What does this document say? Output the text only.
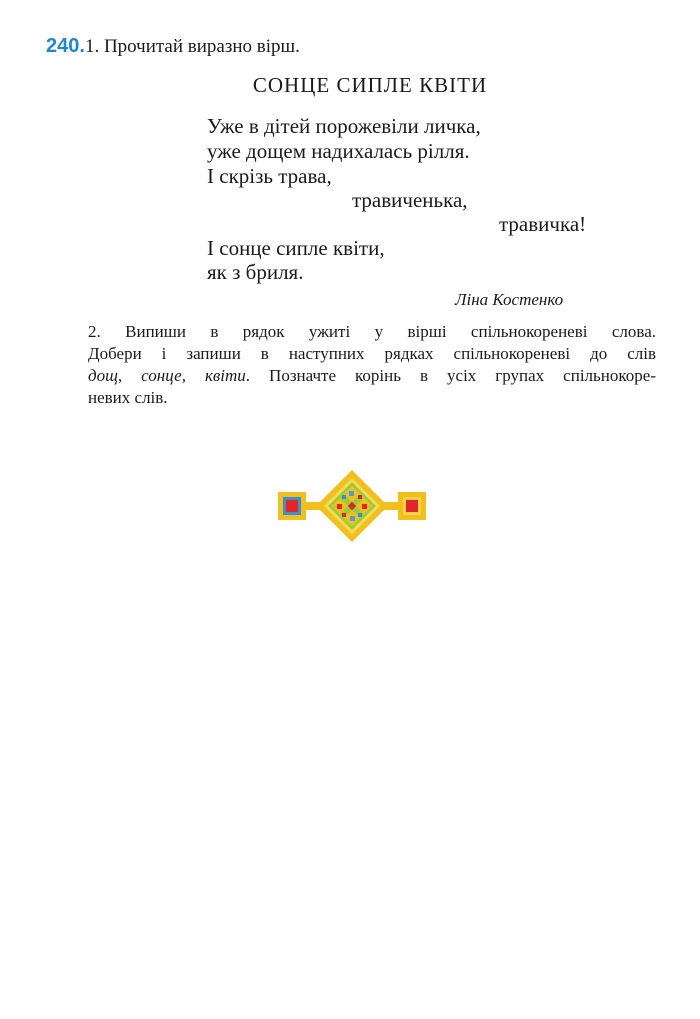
240.1. Прочитай виразно вірш.
СОНЦЕ СИПЛЕ КВІТИ
Уже в дітей порожевіли личка,
уже дощем надихалась рілля.
І скрізь трава,
травиченька,
травичка!
І сонце сипле квіти,
як з бриля.
Ліна Костенко
2. Випиши в рядок ужиті у вірші спільнокореневі слова.
Добери і запиши в наступних рядках спільнокореневі до слів
дощ, сонце, квіти. Позначте корінь в усіх групах спільнокоре-
невих слів.
